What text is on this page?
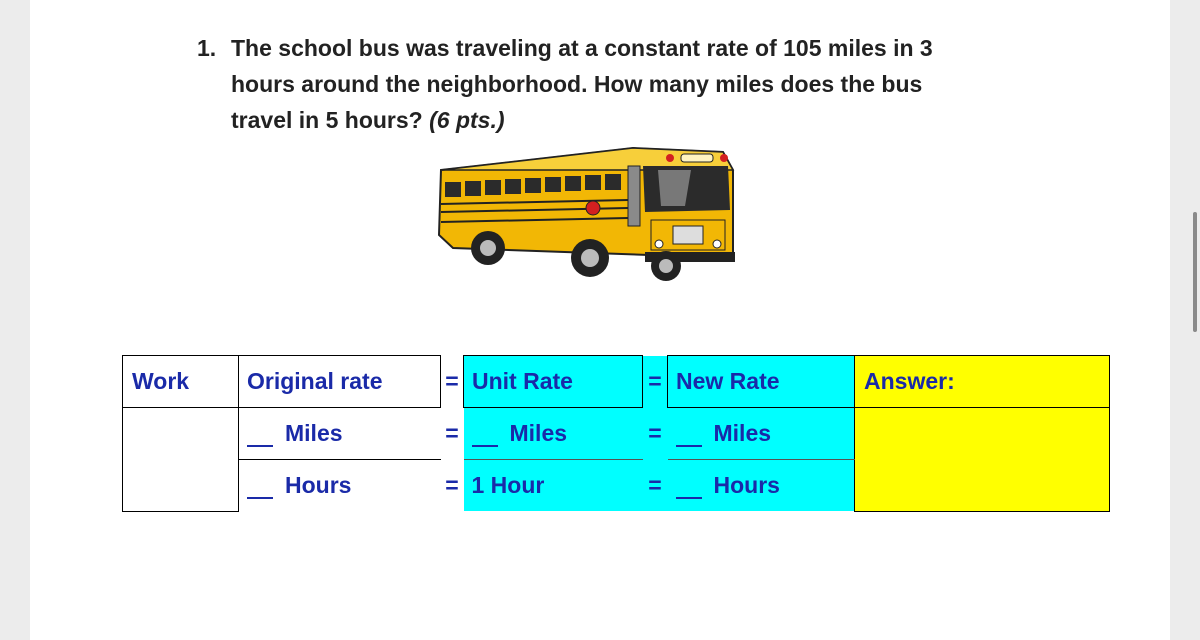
1. The school bus was traveling at a constant rate of 105 miles in 3
hours around the neighborhood. How many miles does the bus
travel in 5 hours? (6 pts.)
Work	Original rate	=	Unit Rate	=	New Rate	Answer:
	Miles	=	Miles	=	Miles	
	Hours	=	1 Hour	=	Hours	
